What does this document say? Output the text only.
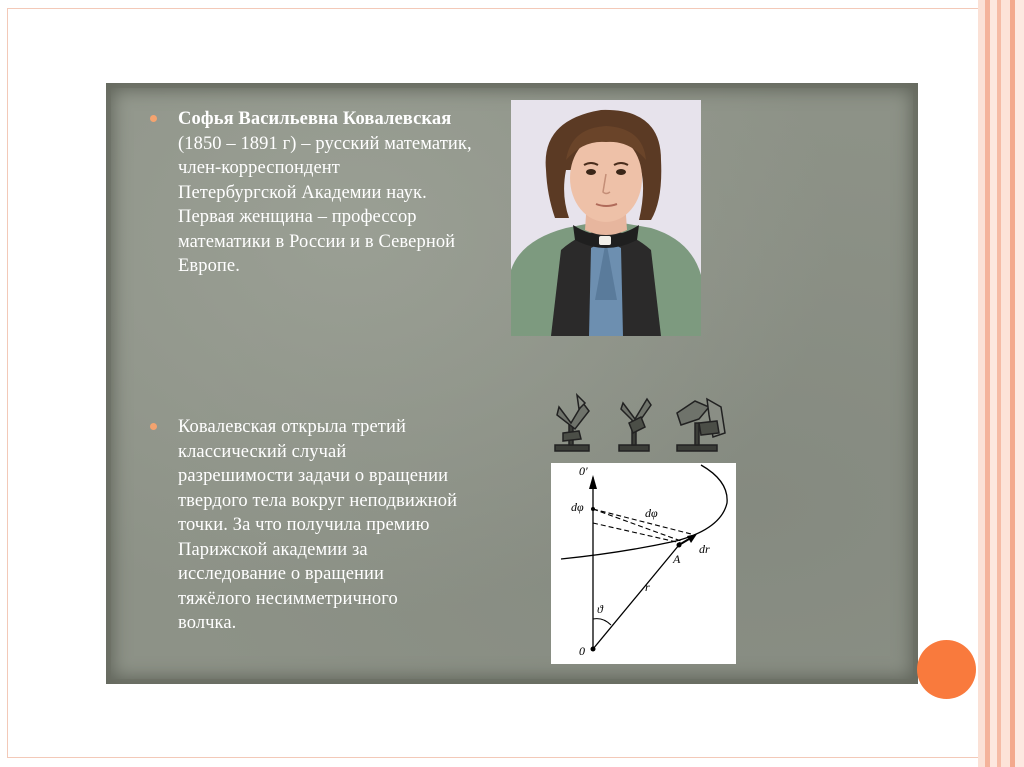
Софья Васильевна Ковалевская
(1850 – 1891 г) – русский математик,
член-корреспондент
Петербургской Академии наук.
Первая женщина – профессор
математики в России и в Северной
Европе.
Ковалевская открыла третий
классический случай
разрешимости задачи о вращении
твердого тела вокруг неподвижной
точки. За что получила премию
Парижской академии за
исследование о вращении
тяжёлого несимметричного
волчка.
0′
dφ	dφ
A
dr
r
ϑ
0
